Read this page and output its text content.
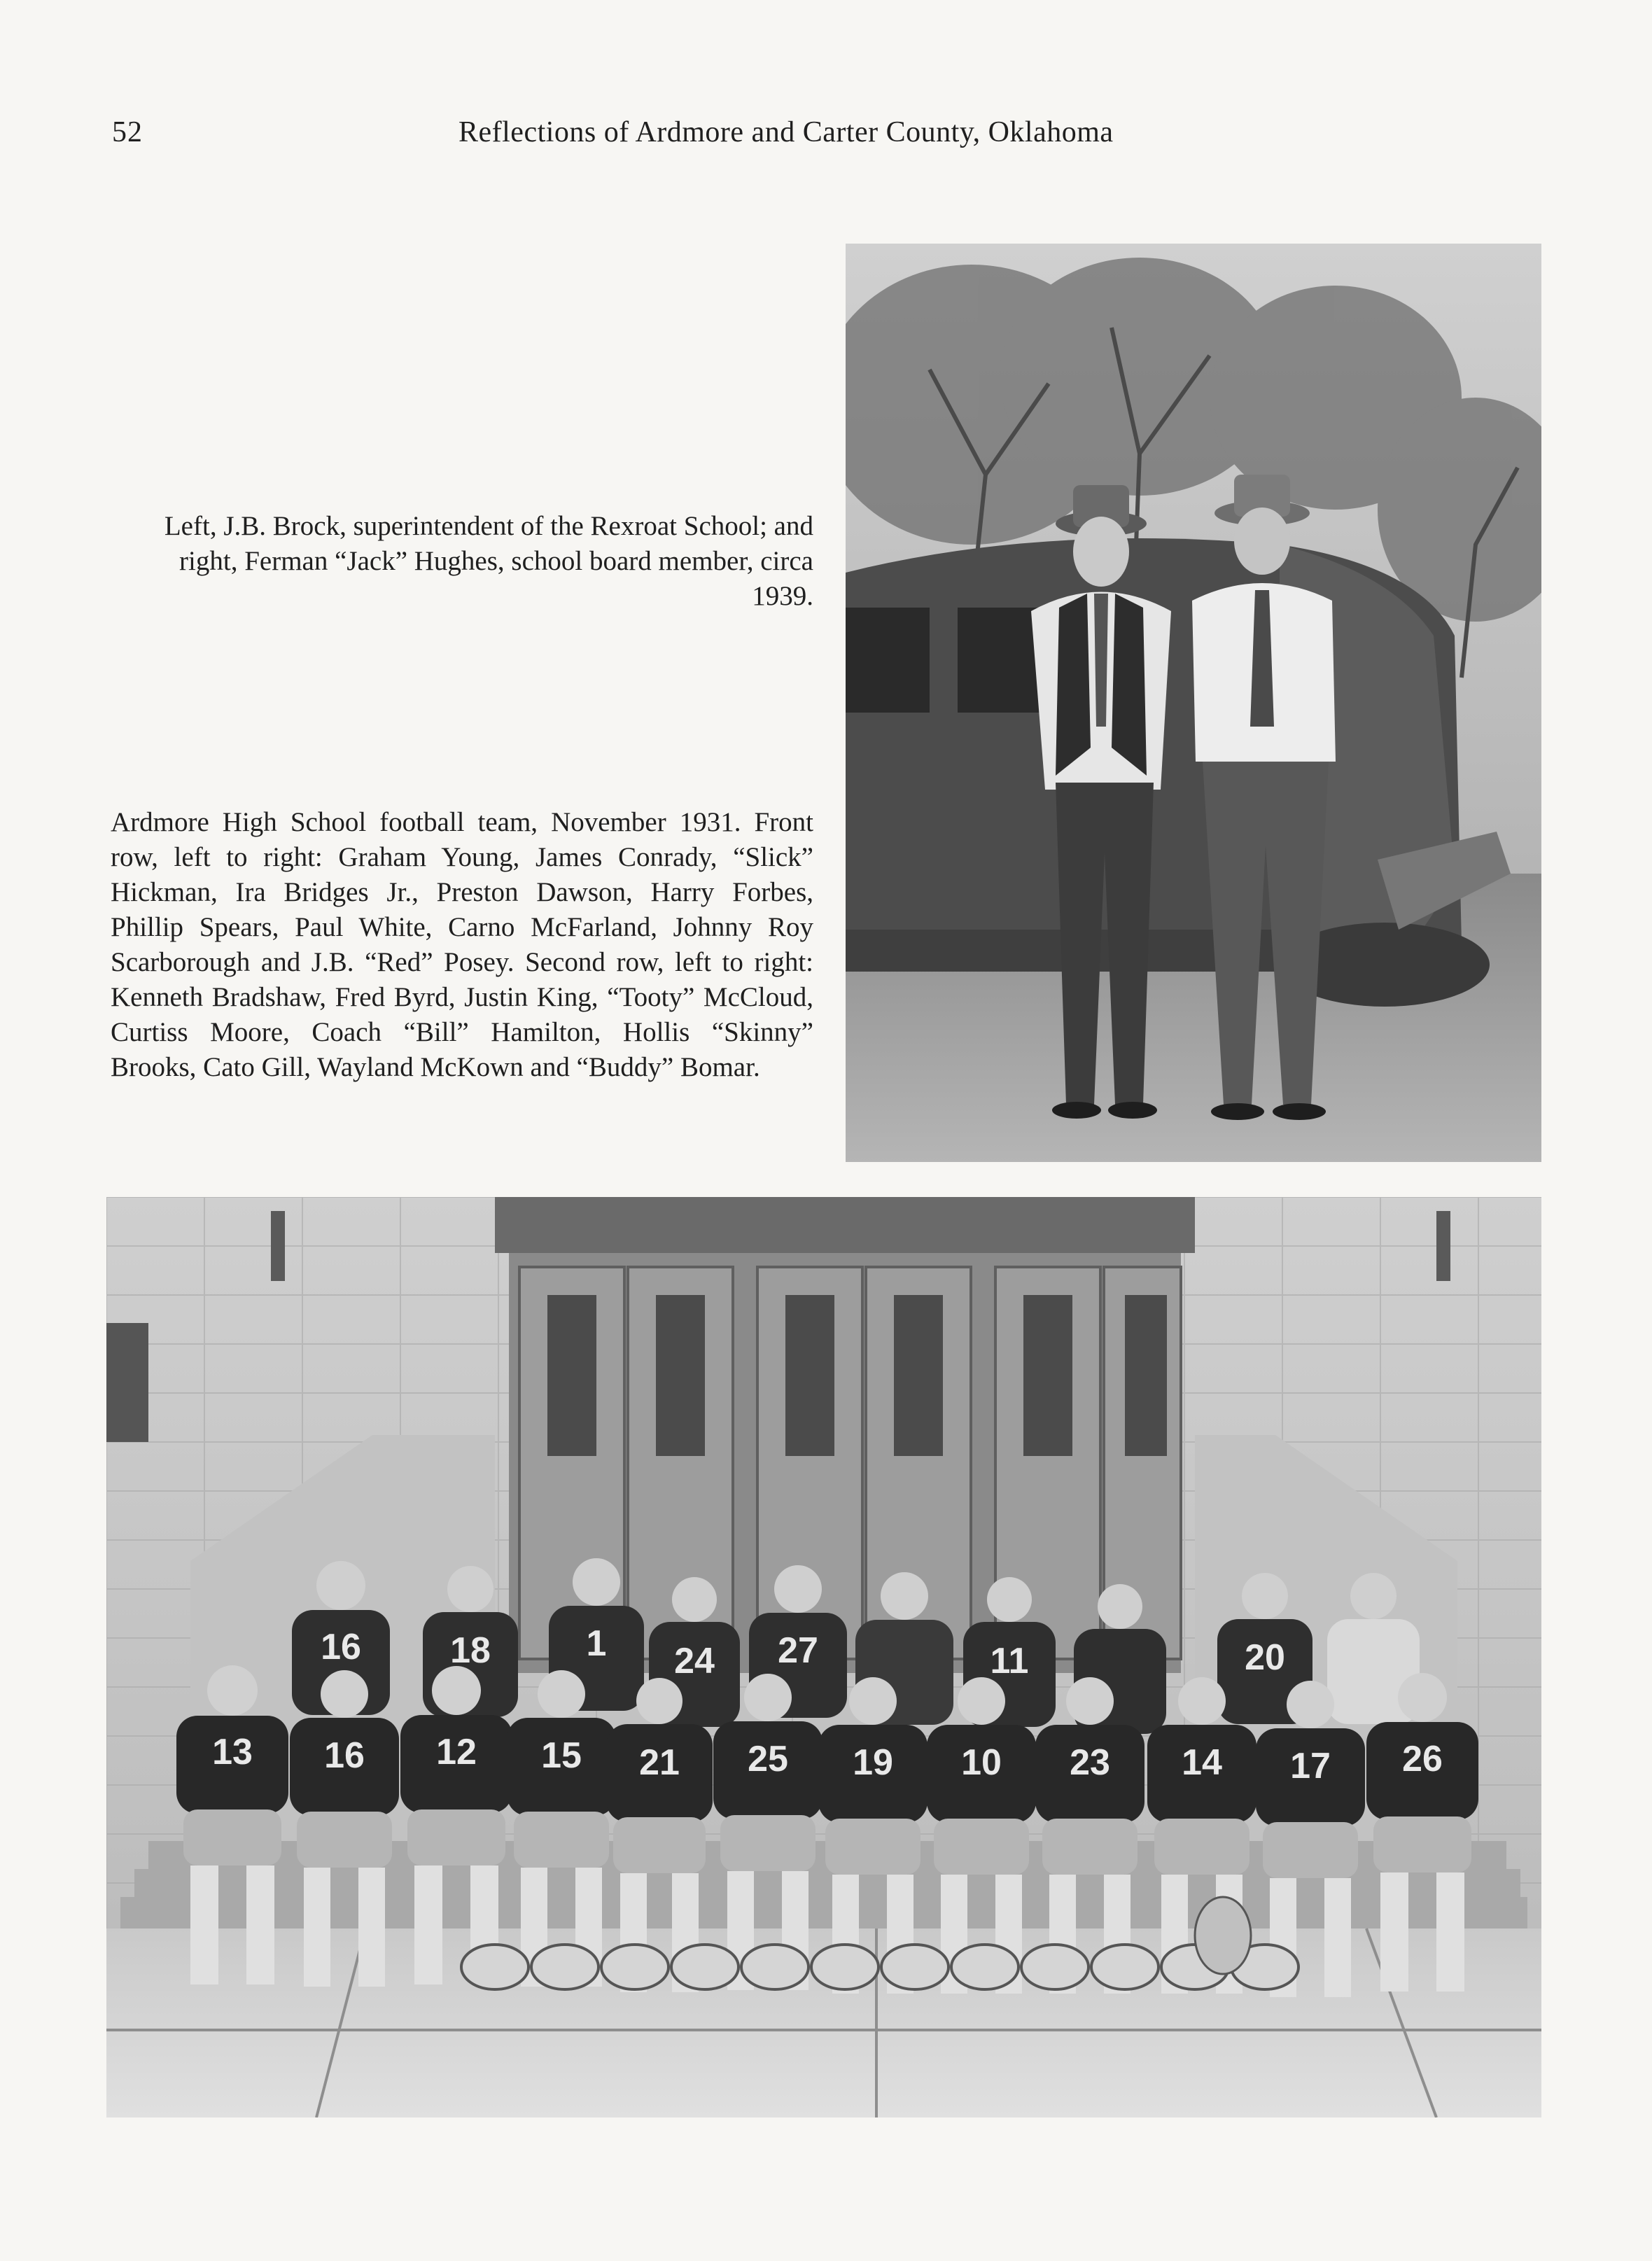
52	Reflections of Ardmore and Carter County, Oklahoma
Left, J.B. Brock, superintendent of the Rexroat School; and right, Ferman “Jack” Hughes, school board member, circa 1939.
Ardmore High School football team, November 1931. Front row, left to right: Graham Young, James Conrady, “Slick” Hickman, Ira Bridges Jr., Preston Dawson, Harry Forbes, Phillip Spears, Paul White, Carno McFarland, Johnny Roy Scarborough and J.B. “Red” Posey. Second row, left to right: Kenneth Bradshaw, Fred Byrd, Justin King, “Tooty” McCloud, Curtiss Moore, Coach “Bill” Hamilton, Hollis “Skinny” Brooks, Cato Gill, Wayland McKown and “Buddy” Bomar.
16 18	1 24 27	11	20
13 16 12 15 21 25 19 10 23 14 17 26
